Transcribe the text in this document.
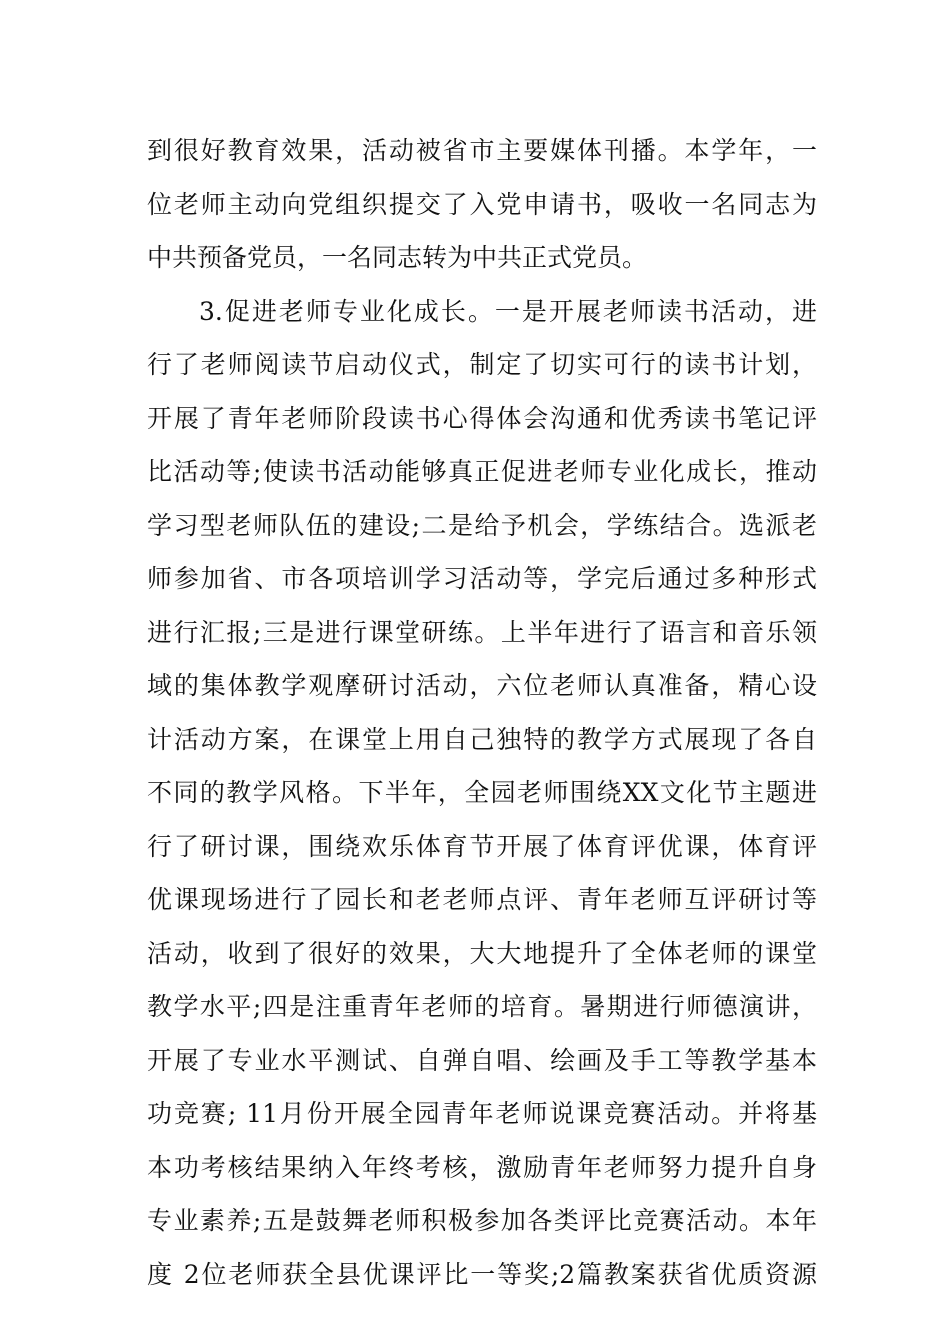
到很好教育效果，活动被省市主要媒体刊播。本学年，一
位老师主动向党组织提交了入党申请书，吸收一名同志为
中共预备党员，一名同志转为中共正式党员。
3.促进老师专业化成长。一是开展老师读书活动，进
行了老师阅读节启动仪式，制定了切实可行的读书计划，
开展了青年老师阶段读书心得体会沟通和优秀读书笔记评
比活动等;使读书活动能够真正促进老师专业化成长，推动
学习型老师队伍的建设;二是给予机会，学练结合。选派老
师参加省、市各项培训学习活动等，学完后通过多种形式
进行汇报;三是进行课堂研练。上半年进行了语言和音乐领
域的集体教学观摩研讨活动，六位老师认真准备，精心设
计活动方案，在课堂上用自己独特的教学方式展现了各自
不同的教学风格。下半年，全园老师围绕XX文化节主题进
行了研讨课，围绕欢乐体育节开展了体育评优课，体育评
优课现场进行了园长和老老师点评、青年老师互评研讨等
活动，收到了很好的效果，大大地提升了全体老师的课堂
教学水平;四是注重青年老师的培育。暑期进行师德演讲，
开展了专业水平测试、自弹自唱、绘画及手工等教学基本
功竞赛; 11月份开展全园青年老师说课竞赛活动。并将基
本功考核结果纳入年终考核，激励青年老师努力提升自身
专业素养;五是鼓舞老师积极参加各类评比竞赛活动。本年
度 2位老师获全县优课评比一等奖;2篇教案获省优质资源
